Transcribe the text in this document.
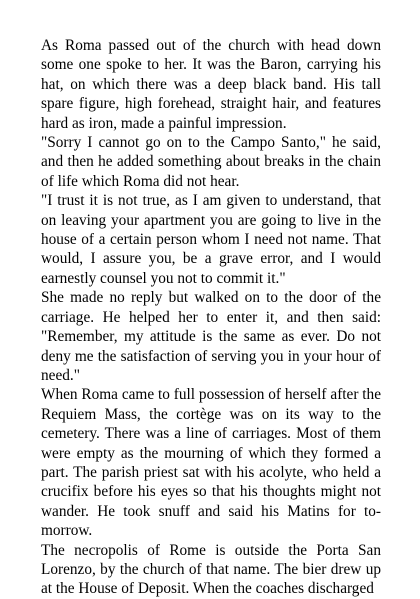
As Roma passed out of the church with head down some one spoke to her. It was the Baron, carrying his hat, on which there was a deep black band. His tall spare figure, high forehead, straight hair, and features hard as iron, made a painful impression.

"Sorry I cannot go on to the Campo Santo," he said, and then he added something about breaks in the chain of life which Roma did not hear.

"I trust it is not true, as I am given to understand, that on leaving your apartment you are going to live in the house of a certain person whom I need not name. That would, I assure you, be a grave error, and I would earnestly counsel you not to commit it."

She made no reply but walked on to the door of the carriage. He helped her to enter it, and then said: "Remember, my attitude is the same as ever. Do not deny me the satisfaction of serving you in your hour of need."

When Roma came to full possession of herself after the Requiem Mass, the cortège was on its way to the cemetery. There was a line of carriages. Most of them were empty as the mourning of which they formed a part. The parish priest sat with his acolyte, who held a crucifix before his eyes so that his thoughts might not wander. He took snuff and said his Matins for to-morrow.

The necropolis of Rome is outside the Porta San Lorenzo, by the church of that name. The bier drew up at the House of Deposit. When the coaches discharged
